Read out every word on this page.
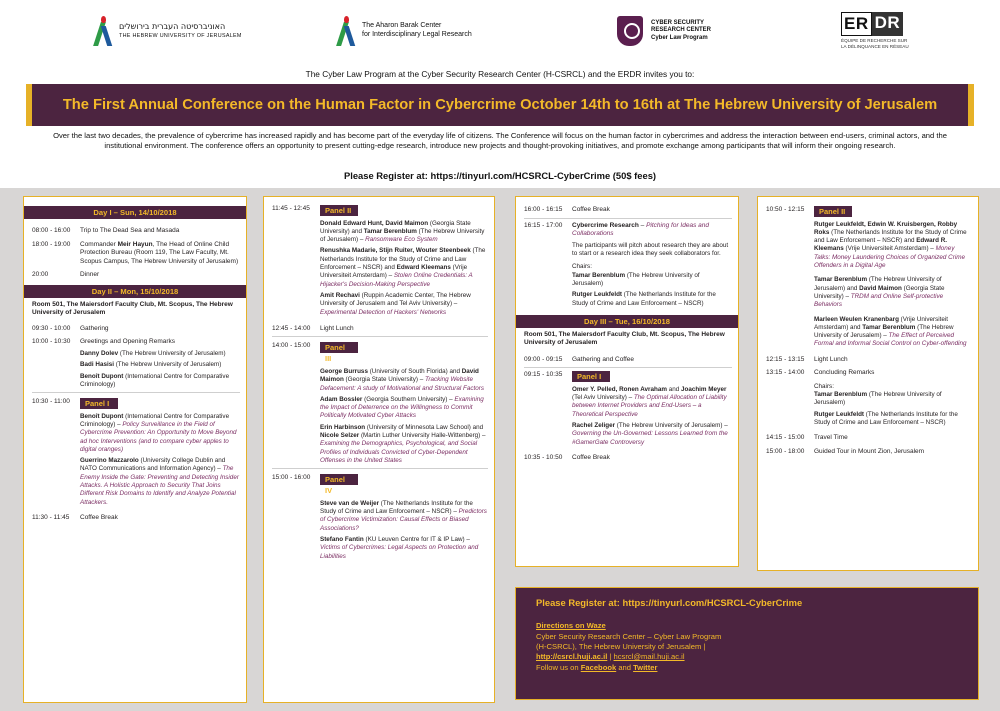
האוניברסיטה העברית בירושלים
THE HEBREW UNIVERSITY OF JERUSALEM
The Aharon Barak Center
for Interdisciplinary Legal Research
CYBER SECURITY
RESEARCH CENTER
Cyber Law Program
ER DR
ÉQUIPE DE RECHERCHE SUR LA DÉLINQUANCE EN RÉSEAU
The Cyber Law Program at the Cyber Security Research Center (H-CSRCL) and the ERDR invites you to:
The First Annual Conference on the Human Factor in Cybercrime October 14th to 16th at The Hebrew University of Jerusalem
Over the last two decades, the prevalence of cybercrime has increased rapidly and has become part of the everyday life of citizens. The Conference will focus on the human factor in cybercrimes and address the interaction between end-users, criminal actors, and the institutional environment. The conference offers an opportunity to present cutting-edge research, introduce new projects and thought-provoking initiatives, and promote exchange among participants that will inform their ongoing research.
Please Register at: https://tinyurl.com/HCSRCL-CyberCrime (50$ fees)
Day I – Sun, 14/10/2018
08:00 - 16:00	Trip to The Dead Sea and Masada
18:00 - 19:00	Commander Meir Hayun, The Head of Online Child Protection Bureau (Room 119, The Law Faculty, Mt. Scopus Campus, The Hebrew University of Jerusalem)
20:00	Dinner
Day II – Mon, 15/10/2018
Room 501, The Maiersdorf Faculty Club, Mt. Scopus, The Hebrew University of Jerusalem
09:30 - 10:00	Gathering
10:00 - 10:30	Greetings and Opening Remarks
Danny Dolev (The Hebrew University of Jerusalem)
Badi Hasisi (The Hebrew University of Jerusalem)
Benoît Dupont (International Centre for Comparative Criminology)
10:30 - 11:00	Panel I
Benoît Dupont (International Centre for Comparative Criminology) – Policy Surveillance in the Field of Cybercrime Prevention: An Opportunity to Move Beyond ad hoc Interventions (and to compare cyber apples to digital oranges)
Guerrino Mazzarolo (University College Dublin and NATO Communications and Information Agency) – The Enemy Inside the Gate: Preventing and Detecting Insider Attacks. A Holistic Approach to Security That Joins Different Risk Domains to Identify and Analyze Potential Attackers.
11:30 - 11:45	Coffee Break
11:45 - 12:45	Panel II
Donald Edward Hunt, David Maimon (Georgia State University) and Tamar Berenblum (The Hebrew University of Jerusalem) – Ransomware Eco System
Renushka Madarie, Stijn Ruiter, Wouter Steenbeek (The Netherlands Institute for the Study of Crime and Law Enforcement – NSCR) and Edward Kleemans (Vrije Universiteit Amsterdam) – Stolen Online Credentials: A Hijacker's Decision-Making Perspective
Amit Rechavi (Ruppin Academic Center, The Hebrew University of Jerusalem and Tel Aviv University) – Experimental Detection of Hackers' Networks
12:45 - 14:00	Light Lunch
14:00 - 15:00	Panel III
George Burruss (University of South Florida) and David Maimon (Georgia State University) – Tracking Website Defacement: A study of Motivational and Structural Factors
Adam Bossler (Georgia Southern University) – Examining the Impact of Deterrence on the Willingness to Commit Politically Motivated Cyber Attacks
Erin Harbinson (University of Minnesota Law School) and Nicole Selzer (Martin Luther University Halle-Wittenberg) – Examining the Demographics, Psychological, and Social Profiles of Individuals Convicted of Cyber-Dependent Offenses in the United States
15:00 - 16:00	Panel IV
Steve van de Weijer (The Netherlands Institute for the Study of Crime and Law Enforcement – NSCR) – Predictors of Cybercrime Victimization: Causal Effects or Biased Associations?
Stefano Fantin (KU Leuven Centre for IT & IP Law) – Victims of Cybercrimes: Legal Aspects on Protection and Liabilities
16:00 - 16:15	Coffee Break
16:15 - 17:00	Cybercrime Research – Pitching for Ideas and Collaborations
The participants will pitch about research they are about to start or a research idea they seek collaborators for.
Chairs:
Tamar Berenblum (The Hebrew University of Jerusalem)
Rutger Leukfeldt (The Netherlands Institute for the Study of Crime and Law Enforcement – NSCR)
Day III – Tue, 16/10/2018
Room 501, The Maiersdorf Faculty Club, Mt. Scopus, The Hebrew University of Jerusalem
09:00 - 09:15	Gathering and Coffee
09:15 - 10:35	Panel I
Omer Y. Pelled, Ronen Avraham and Joachim Meyer (Tel Aviv University) – The Optimal Allocation of Liability between Internet Providers and End-Users – a Theoretical Perspective
Rachel Zeliger (The Hebrew University of Jerusalem) – Governing the Un-Governed: Lessons Learned from the #GamerGate Controversy
10:35 - 10:50	Coffee Break
10:50 - 12:15	Panel II
Rutger Leukfeldt, Edwin W. Kruisbergen, Robby Roks (The Netherlands Institute for the Study of Crime and Law Enforcement – NSCR) and Edward R. Kleemans (Vrije Universiteit Amsterdam) – Money Talks: Money Laundering Choices of Organized Crime Offenders in a Digital Age
Tamar Berenblum (The Hebrew University of Jerusalem) and David Maimon (Georgia State University) – TRDM and Online Self-protective Behaviors
Marleen Weulen Kranenbarg (Vrije Universiteit Amsterdam) and Tamar Berenblum (The Hebrew University of Jerusalem) – The Effect of Perceived Formal and Informal Social Control on Cyber-offending
12:15 - 13:15	Light Lunch
13:15 - 14:00	Concluding Remarks
Chairs:
Tamar Berenblum (The Hebrew University of Jerusalem)
Rutger Leukfeldt (The Netherlands Institute for the Study of Crime and Law Enforcement – NSCR)
14:15 - 15:00	Travel Time
15:00 - 18:00	Guided Tour in Mount Zion, Jerusalem
Please Register at: https://tinyurl.com/HCSRCL-CyberCrime
Directions on Waze
Cyber Security Research Center – Cyber Law Program
(H-CSRCL), The Hebrew University of Jerusalem |
http://csrcl.huji.ac.il | hcsrcl@mail.huji.ac.il
Follow us on Facebook and Twitter
